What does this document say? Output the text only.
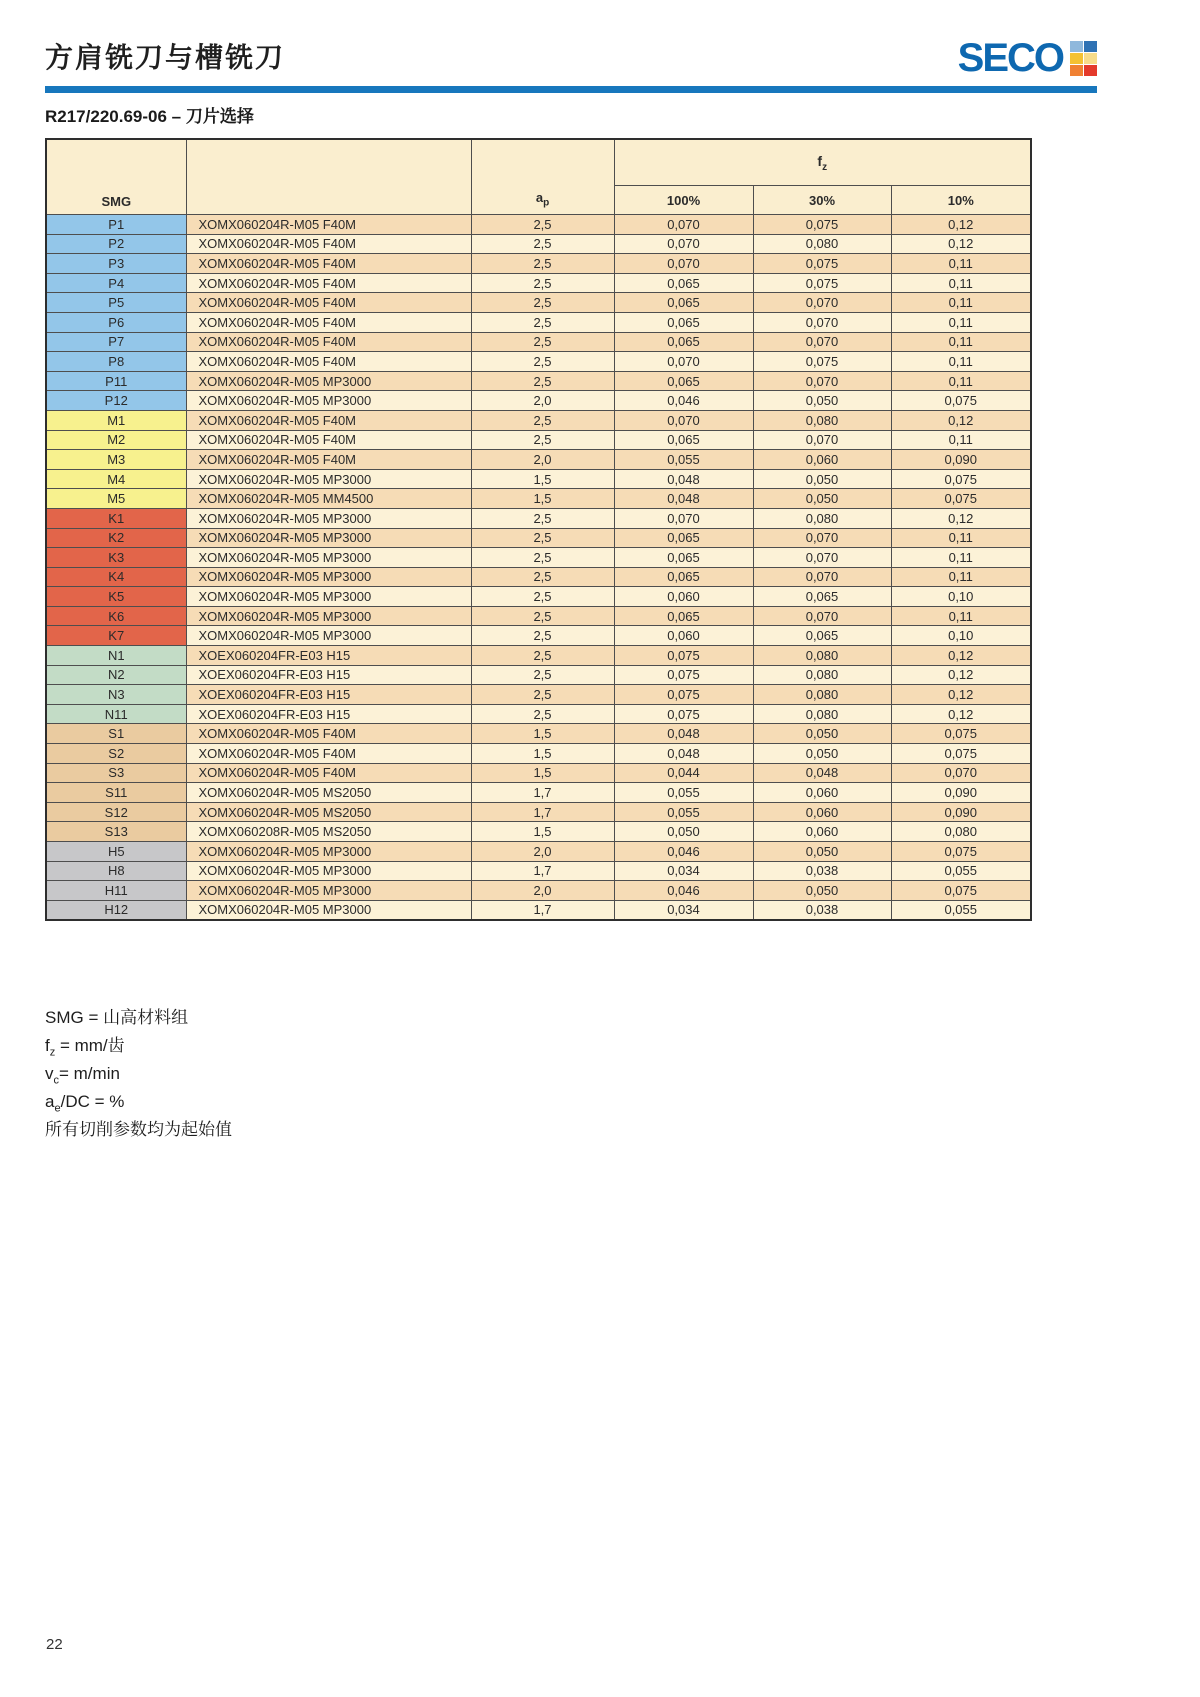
方肩铣刀与槽铣刀	SECO
R217/220.69-06 – 刀片选择
SMG		$a_p$	$f_z$
			100%	30%	10%
P1	XOMX060204R-M05 F40M	2,5	0,070	0,075	0,12
P2	XOMX060204R-M05 F40M	2,5	0,070	0,080	0,12
P3	XOMX060204R-M05 F40M	2,5	0,070	0,075	0,11
P4	XOMX060204R-M05 F40M	2,5	0,065	0,075	0,11
P5	XOMX060204R-M05 F40M	2,5	0,065	0,070	0,11
P6	XOMX060204R-M05 F40M	2,5	0,065	0,070	0,11
P7	XOMX060204R-M05 F40M	2,5	0,065	0,070	0,11
P8	XOMX060204R-M05 F40M	2,5	0,070	0,075	0,11
P11	XOMX060204R-M05 MP3000	2,5	0,065	0,070	0,11
P12	XOMX060204R-M05 MP3000	2,0	0,046	0,050	0,075
M1	XOMX060204R-M05 F40M	2,5	0,070	0,080	0,12
M2	XOMX060204R-M05 F40M	2,5	0,065	0,070	0,11
M3	XOMX060204R-M05 F40M	2,0	0,055	0,060	0,090
M4	XOMX060204R-M05 MP3000	1,5	0,048	0,050	0,075
M5	XOMX060204R-M05 MM4500	1,5	0,048	0,050	0,075
K1	XOMX060204R-M05 MP3000	2,5	0,070	0,080	0,12
K2	XOMX060204R-M05 MP3000	2,5	0,065	0,070	0,11
K3	XOMX060204R-M05 MP3000	2,5	0,065	0,070	0,11
K4	XOMX060204R-M05 MP3000	2,5	0,065	0,070	0,11
K5	XOMX060204R-M05 MP3000	2,5	0,060	0,065	0,10
K6	XOMX060204R-M05 MP3000	2,5	0,065	0,070	0,11
K7	XOMX060204R-M05 MP3000	2,5	0,060	0,065	0,10
N1	XOEX060204FR-E03 H15	2,5	0,075	0,080	0,12
N2	XOEX060204FR-E03 H15	2,5	0,075	0,080	0,12
N3	XOEX060204FR-E03 H15	2,5	0,075	0,080	0,12
N11	XOEX060204FR-E03 H15	2,5	0,075	0,080	0,12
S1	XOMX060204R-M05 F40M	1,5	0,048	0,050	0,075
S2	XOMX060204R-M05 F40M	1,5	0,048	0,050	0,075
S3	XOMX060204R-M05 F40M	1,5	0,044	0,048	0,070
S11	XOMX060204R-M05 MS2050	1,7	0,055	0,060	0,090
S12	XOMX060204R-M05 MS2050	1,7	0,055	0,060	0,090
S13	XOMX060208R-M05 MS2050	1,5	0,050	0,060	0,080
H5	XOMX060204R-M05 MP3000	2,0	0,046	0,050	0,075
H8	XOMX060204R-M05 MP3000	1,7	0,034	0,038	0,055
H11	XOMX060204R-M05 MP3000	2,0	0,046	0,050	0,075
H12	XOMX060204R-M05 MP3000	1,7	0,034	0,038	0,055
SMG = 山高材料组
$f_z = mm/$齿
$v_c= m/\min$
$a_e/DC$ = %
所有切削参数均为起始值
22
